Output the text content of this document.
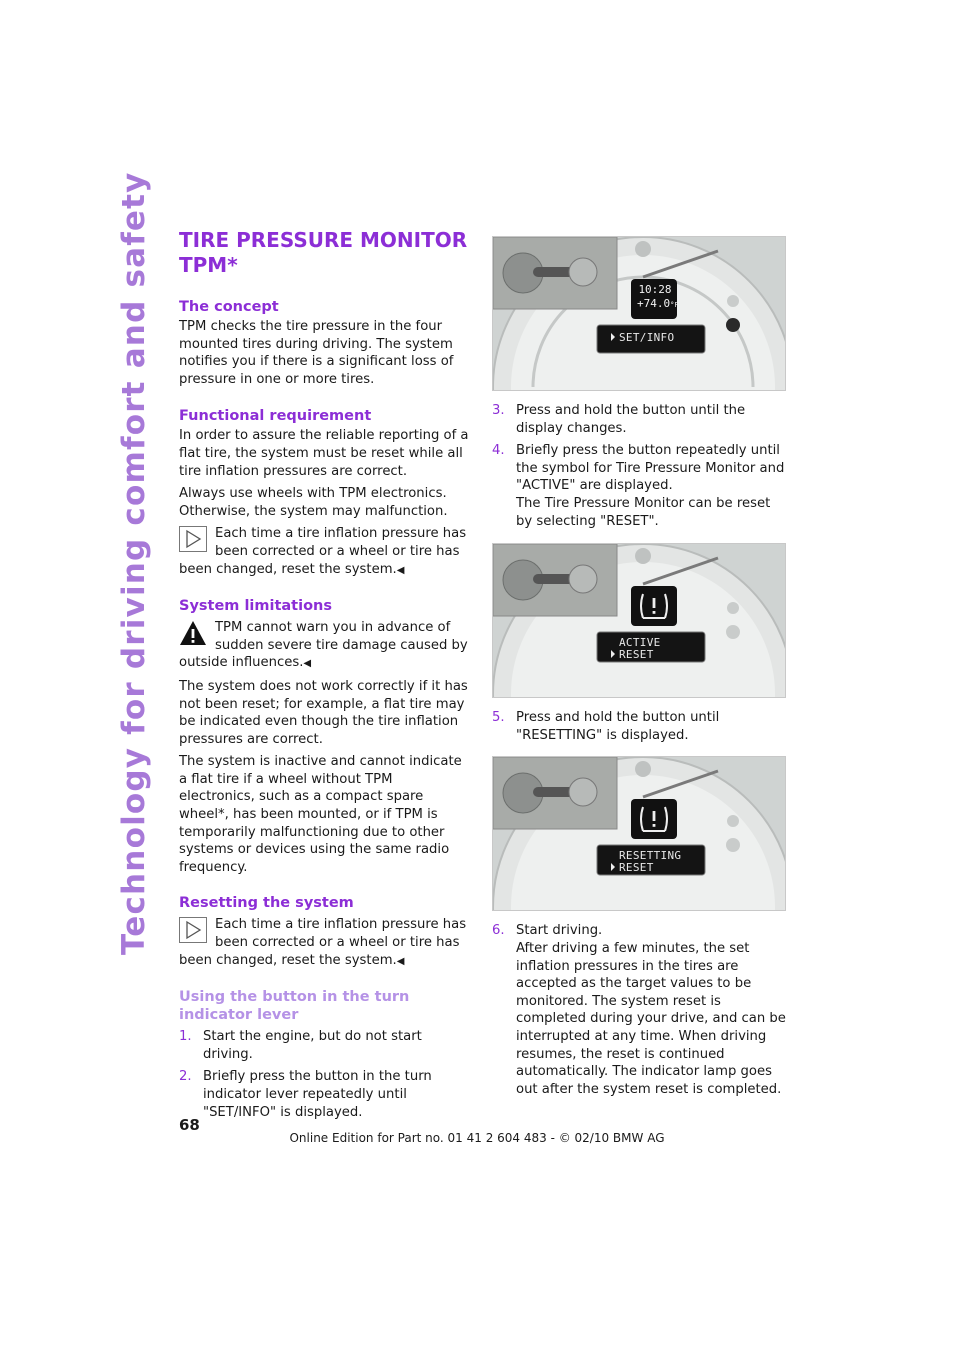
Technology for driving comfort and safety TIRE PRESSURE MONITOR TPM*
The concept

TPM checks the tire pressure in the four mounted tires during driving. The system notifies you if there is a significant loss of pressure in one or more tires.

Functional requirement

In order to assure the reliable reporting of a flat tire, the system must be reset while all tire inflation pressures are correct.

Always use wheels with TPM electronics. Otherwise, the system may malfunction.

Each time a tire inflation pressure has been corrected or a wheel or tire has been changed, reset the system.◀
System limitations
TPM cannot warn you in advance of sudden severe tire damage caused by outside influences.◀

The system does not work correctly if it has not been reset; for example, a flat tire may be indicated even though the tire inflation pressures are correct.

The system is inactive and cannot indicate a flat tire if a wheel without TPM electronics, such as a compact spare wheel*, has been mounted, or if TPM is temporarily malfunctioning due to other systems or devices using the same radio frequency.

Resetting the system
Each time a tire inflation pressure has been corrected or a wheel or tire has been changed, reset the system.◀
Using the button in the turn indicator lever
1. Start the engine, but do not start driving.
2. Briefly press the button in the turn indicator lever repeatedly until "SET/INFO" is displayed.
10:28
+74.0°F
SET/INFO
3. Press and hold the button until the display changes.
4. Briefly press the button repeatedly until the symbol for Tire Pressure Monitor and "ACTIVE" are displayed.
The Tire Pressure Monitor can be reset by selecting "RESET".
ACTIVE
RESET
5. Press and hold the button until "RESETTING" is displayed.
RESETTING
RESET
6. Start driving.
After driving a few minutes, the set inflation pressures in the tires are accepted as the target values to be monitored. The system reset is completed during your drive, and can be interrupted at any time. When driving resumes, the reset is continued automatically. The indicator lamp goes out after the system reset is completed.
68
Online Edition for Part no. 01 41 2 604 483 - © 02/10 BMW AG
